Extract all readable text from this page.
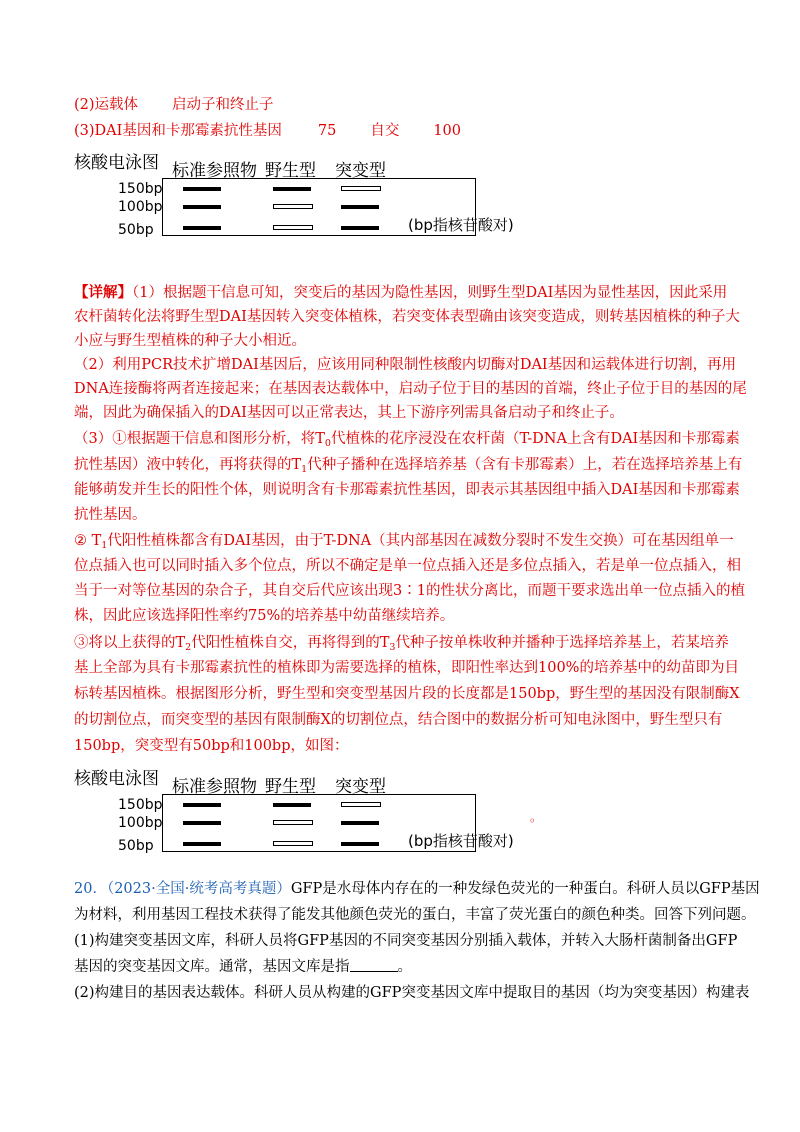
(2)运载体 启动子和终止子
(3)DAI基因和卡那霉素抗性基因 75 自交 100
核酸电泳图 标准参照物 野生型 突变型
150bp
100bp
50bp	(bp指核苷酸对)
【详解】（1）根据题干信息可知，突变后的基因为隐性基因，则野生型DAI基因为显性基因，因此采用
农杆菌转化法将野生型DAI基因转入突变体植株，若突变体表型确由该突变造成，则转基因植株的种子大
小应与野生型植株的种子大小相近。
（2）利用PCR技术扩增DAI基因后，应该用同种限制性核酸内切酶对DAI基因和运载体进行切割，再用
DNA连接酶将两者连接起来；在基因表达载体中，启动子位于目的基因的首端，终止子位于目的基因的尾
端，因此为确保插入的DAI基因可以正常表达，其上下游序列需具备启动子和终止子。
（3）①根据题干信息和图形分析，将$T_0$代植株的花序浸没在农杆菌（T-DNA上含有DAI基因和卡那霉素
抗性基因）液中转化，再将获得的$T_1$代种子播种在选择培养基（含有卡那霉素）上，若在选择培养基上有
能够萌发并生长的阳性个体，则说明含有卡那霉素抗性基因，即表示其基因组中插入DAI基因和卡那霉素
抗性基因。
② $T_1$代阳性植株都含有DAI基因，由于T-DNA（其内部基因在减数分裂时不发生交换）可在基因组单一
位点插入也可以同时插入多个位点，所以不确定是单一位点插入还是多位点插入，若是单一位点插入，相
当于一对等位基因的杂合子，其自交后代应该出现3∶1的性状分离比，而题干要求选出单一位点插入的植
株，因此应该选择阳性率约75%的培养基中幼苗继续培养。
③将以上获得的$T_2$代阳性植株自交，再将得到的$T_3$代种子按单株收种并播种于选择培养基上，若某培养
基上全部为具有卡那霉素抗性的植株即为需要选择的植株，即阳性率达到100%的培养基中的幼苗即为目
标转基因植株。根据图形分析，野生型和突变型基因片段的长度都是150bp，野生型的基因没有限制酶X
的切割位点，而突变型的基因有限制酶X的切割位点，结合图中的数据分析可知电泳图中，野生型只有
150bp，突变型有50bp和100bp，如图：
核酸电泳图 标准参照物 野生型 突变型
150bp
100bp
50bp	(bp指核苷酸对)
。
20．（2023·全国·统考高考真题）GFP是水母体内存在的一种发绿色荧光的一种蛋白。科研人员以GFP基因
为材料，利用基因工程技术获得了能发其他颜色荧光的蛋白，丰富了荧光蛋白的颜色种类。回答下列问题。
(1)构建突变基因文库，科研人员将GFP基因的不同突变基因分别插入载体，并转入大肠杆菌制备出GFP
基因的突变基因文库。通常，基因文库是指	。
(2)构建目的基因表达载体。科研人员从构建的GFP突变基因文库中提取目的基因（均为突变基因）构建表
